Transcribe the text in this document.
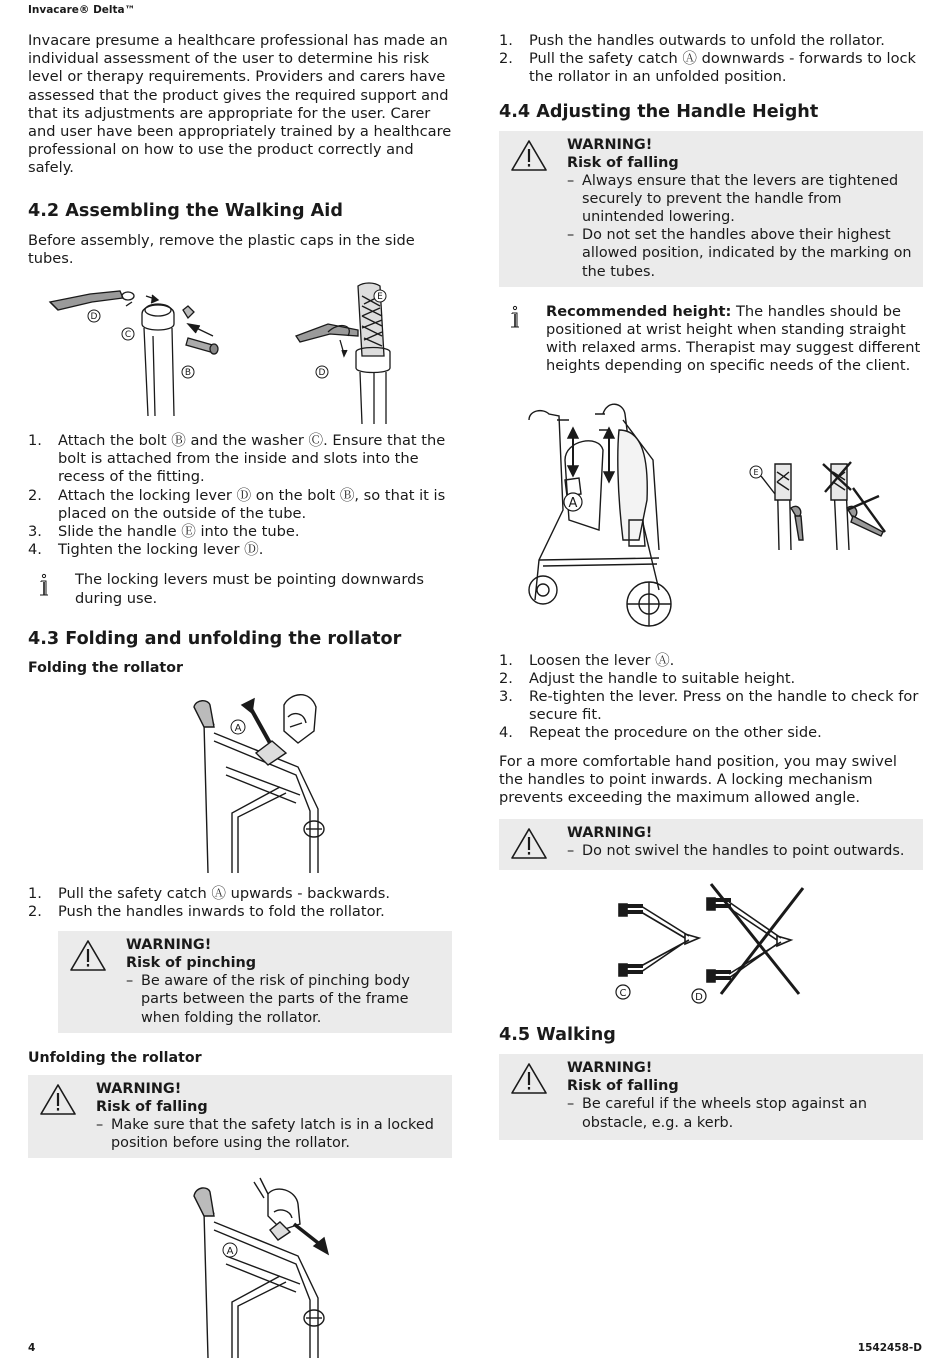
Invacare® Delta™

Invacare presume a healthcare professional has made an individual assessment of the user to determine his risk level or therapy requirements. Providers and carers have assessed that the product gives the required support and that its adjustments are appropriate for the user. Carer and user have been appropriately trained by a healthcare professional on how to use the product correctly and safely.

4.2 Assembling the Walking Aid

Before assembly, remove the plastic caps in the side tubes.

D
C
B
E
D
1. Attach the bolt Ⓑ and the washer Ⓒ. Ensure that the bolt is attached from the inside and slots into the recess of the fitting.
2. Attach the locking lever Ⓓ on the bolt Ⓑ, so that it is placed on the outside of the tube.
3. Slide the handle Ⓔ into the tube.
4. Tighten the locking lever Ⓓ.

The locking levers must be pointing downwards during use.

4.3 Folding and unfolding the rollator
Folding the rollator
A
1. Pull the safety catch Ⓐ upwards - backwards.
2. Push the handles inwards to fold the rollator.
WARNING!
Risk of pinching
– Be aware of the risk of pinching body parts between the parts of the frame when folding the rollator.
Unfolding the rollator
WARNING!
Risk of falling
– Make sure that the safety latch is in a locked position before using the rollator.
A
1. Push the handles outwards to unfold the rollator.
2. Pull the safety catch Ⓐ downwards - forwards to lock the rollator in an unfolded position.
4.4 Adjusting the Handle Height
WARNING!
Risk of falling
– Always ensure that the levers are tightened securely to prevent the handle from unintended lowering.
– Do not set the handles above their highest allowed position, indicated by the marking on the tubes.

Recommended height: The handles should be positioned at wrist height when standing straight with relaxed arms. Therapist may suggest different heights depending on specific needs of the client.

A
E
1. Loosen the lever Ⓐ.
2. Adjust the handle to suitable height.
3. Re-tighten the lever. Press on the handle to check for secure fit.
4. Repeat the procedure on the other side.

For a more comfortable hand position, you may swivel the handles to point inwards. A locking mechanism prevents exceeding the maximum allowed angle.

WARNING!
– Do not swivel the handles to point outwards.
C	D
4.5 Walking
WARNING!
Risk of falling
– Be careful if the wheels stop against an obstacle, e.g. a kerb.
4	1542458-D
